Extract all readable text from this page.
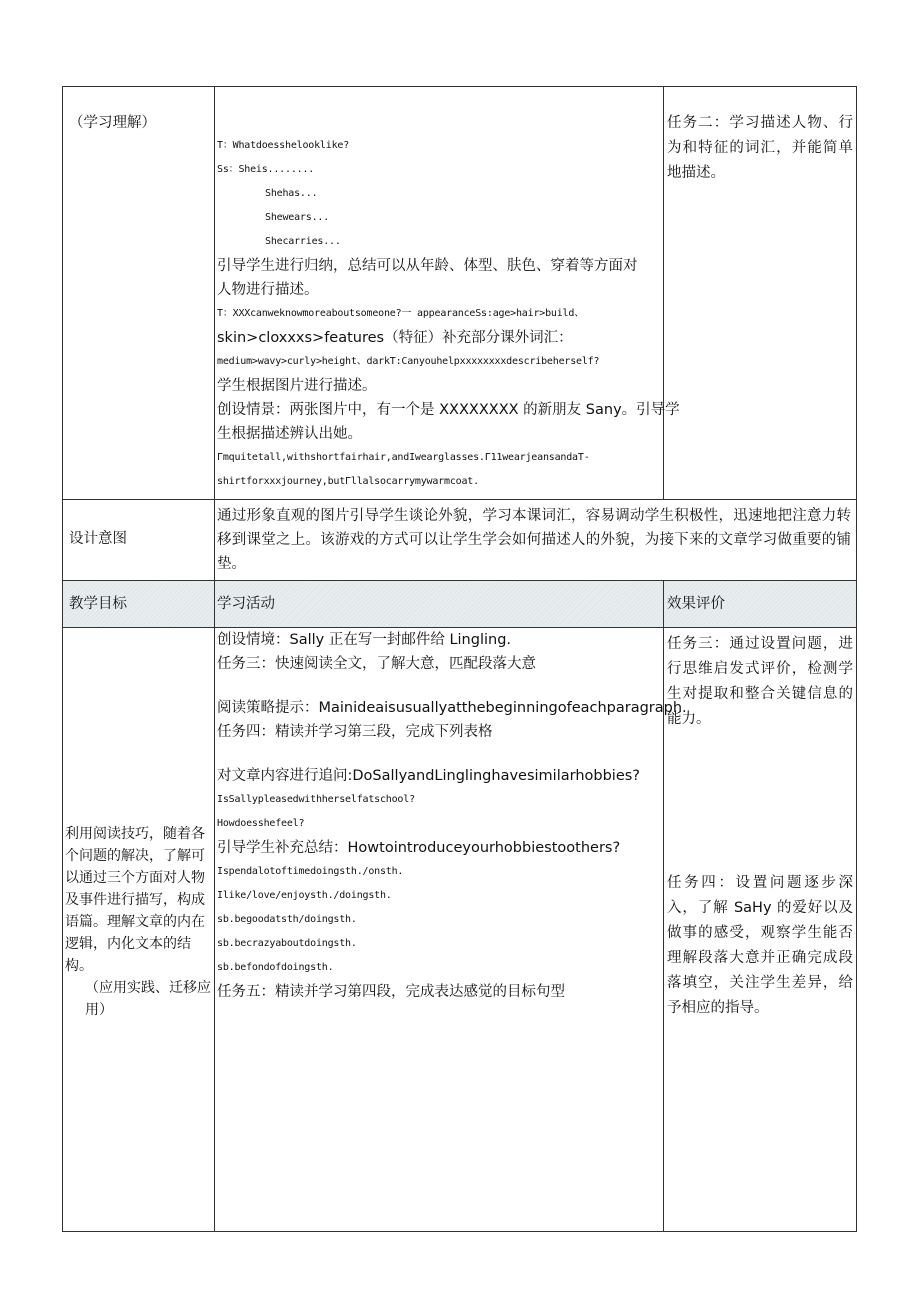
（学习理解）
T：Whatdoesshelooklike?
Ss：Sheis........
Shehas...
Shewears...
Shecarries...
引导学生进行归纳，总结可以从年龄、体型、肤色、穿着等方面对
人物进行描述。
T：XXXcanweknowmoreaboutsomeone?一 appearanceSs:age>hair>build、
skin>cloxxxs>features（特征）补充部分课外词汇：
medium>wavy>curly>height、darkT:Canyouhelpxxxxxxxxdescribeherself?
学生根据图片进行描述。
创设情景：两张图片中，有一个是 XXXXXXXX 的新朋友 Sany。引导学
生根据描述辨认出她。
Γmquitetall,withshortfairhair,andIwearglasses.Γ11wearjeansandaT-
shirtforxxxjourney,butΓllalsocarrymywarmcoat.
任务二：学习描述人物、行为和特征的词汇，并能简单地描述。
设计意图
通过形象直观的图片引导学生谈论外貌，学习本课词汇，容易调动学生积极性，迅速地把注意力转移到课堂之上。该游戏的方式可以让学生学会如何描述人的外貌，为接下来的文章学习做重要的铺垫。
教学目标	学习活动	效果评价
利用阅读技巧，随着各个问题的解决，了解可以通过三个方面对人物及事件进行描写，构成语篇。理解文章的内在逻辑，内化文本的结构。
（应用实践、迁移应用）
创设情境：Sally 正在写一封邮件给 Lingling.
任务三：快速阅读全文，了解大意，匹配段落大意
阅读策略提示：Mainideaisusuallyatthebeginningofeachparagraph.
任务四：精读并学习第三段，完成下列表格
对文章内容进行追问:DoSallyandLinglinghavesimilarhobbies?
IsSallypleasedwithherselfatschool?
Howdoesshefeel?
引导学生补充总结：Howtointroduceyourhobbiestoothers?
Ispendalotoftimedoingsth./onsth.
Ilike/love/enjoysth./doingsth.
sb.begoodatsth/doingsth.
sb.becrazyaboutdoingsth.
sb.befondofdoingsth.
任务五：精读并学习第四段，完成表达感觉的目标句型
任务三：通过设置问题，进行思维启发式评价，检测学生对提取和整合关键信息的能力。
任务四：设置问题逐步深入，了解 SaHy 的爱好以及做事的感受，观察学生能否理解段落大意并正确完成段落填空，关注学生差异，给予相应的指导。
